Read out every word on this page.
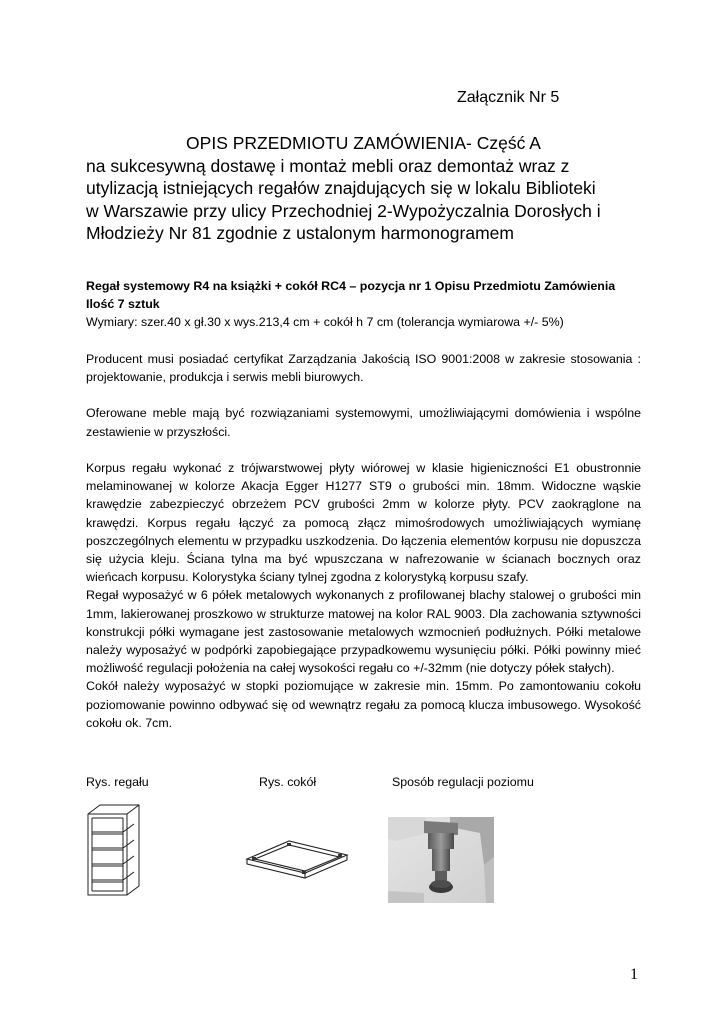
Załącznik Nr 5
OPIS PRZEDMIOTU ZAMÓWIENIA- Część A
na sukcesywną dostawę i montaż mebli oraz demontaż wraz z
utylizacją istniejących regałów znajdujących się w lokalu Biblioteki
w Warszawie przy ulicy Przechodniej 2-Wypożyczalnia Dorosłych i
Młodzieży Nr 81 zgodnie z ustalonym harmonogramem

Regał systemowy R4 na książki + cokół RC4 – pozycja nr 1 Opisu Przedmiotu Zamówienia

Ilość 7 sztuk

Wymiary: szer.40 x gł.30 x wys.213,4 cm + cokół h 7 cm (tolerancja wymiarowa +/- 5%)

Producent musi posiadać certyfikat Zarządzania Jakością ISO 9001:2008 w zakresie stosowania : projektowanie, produkcja i serwis mebli biurowych.

Oferowane meble mają być rozwiązaniami systemowymi, umożliwiającymi domówienia i wspólne zestawienie w przyszłości.

Korpus regału wykonać z trójwarstwowej płyty wiórowej w klasie higieniczności E1 obustronnie melaminowanej w kolorze Akacja Egger H1277 ST9 o grubości min. 18mm. Widoczne wąskie krawędzie zabezpieczyć obrzeżem PCV grubości 2mm w kolorze płyty. PCV zaokrąglone na krawędzi. Korpus regału łączyć za pomocą złącz mimośrodowych umożliwiających wymianę poszczególnych elementu w przypadku uszkodzenia. Do łączenia elementów korpusu nie dopuszcza się użycia kleju. Ściana tylna ma być wpuszczana w nafrezowanie w ścianach bocznych oraz wieńcach korpusu. Kolorystyka ściany tylnej zgodna z kolorystyką korpusu szafy.

Regał wyposażyć w 6 półek metalowych wykonanych z profilowanej blachy stalowej o grubości min 1mm, lakierowanej proszkowo w strukturze matowej na kolor RAL 9003. Dla zachowania sztywności konstrukcji półki wymagane jest zastosowanie metalowych wzmocnień podłużnych. Półki metalowe należy wyposażyć w podpórki zapobiegające przypadkowemu wysunięciu półki. Półki powinny mieć możliwość regulacji położenia na całej wysokości regału co +/-32mm (nie dotyczy półek stałych).

Cokół należy wyposażyć w stopki poziomujące w zakresie min. 15mm. Po zamontowaniu cokołu poziomowanie powinno odbywać się od wewnątrz regału za pomocą klucza imbusowego. Wysokość cokołu ok. 7cm.

Rys. regału	Rys. cokół	Sposób regulacji poziomu
1
